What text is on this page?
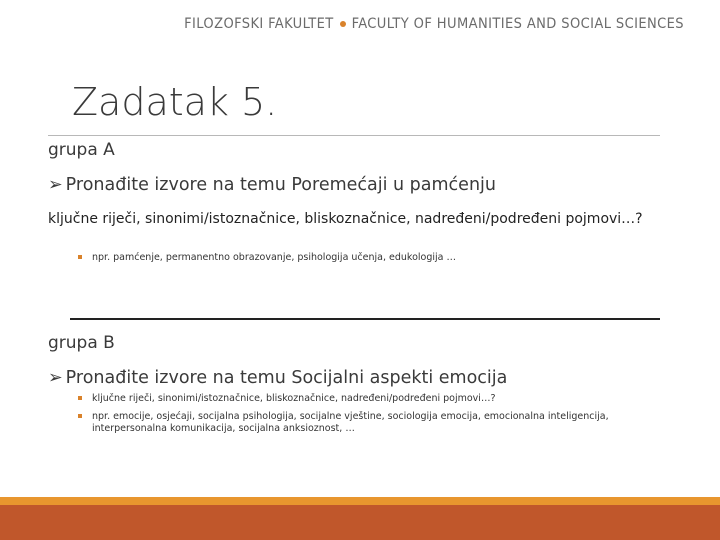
FILOZOFSKI FAKULTET FACULTY OF HUMANITIES AND SOCIAL SCIENCES
Zadatak 5.
grupa A
➢ Pronađite izvore na temu Poremećaji u pamćenju
ključne riječi, sinonimi/istoznačnice, bliskoznačnice, nadređeni/podređeni pojmovi…?
npr. pamćenje, permanentno obrazovanje, psihologija učenja, edukologija …
grupa B
➢ Pronađite izvore na temu Socijalni aspekti emocija
ključne riječi, sinonimi/istoznačnice, bliskoznačnice, nadređeni/podređeni pojmovi…?
npr. emocije, osjećaji, socijalna psihologija, socijalne vještine, sociologija emocija, emocionalna inteligencija, interpersonalna komunikacija, socijalna anksioznost, …
